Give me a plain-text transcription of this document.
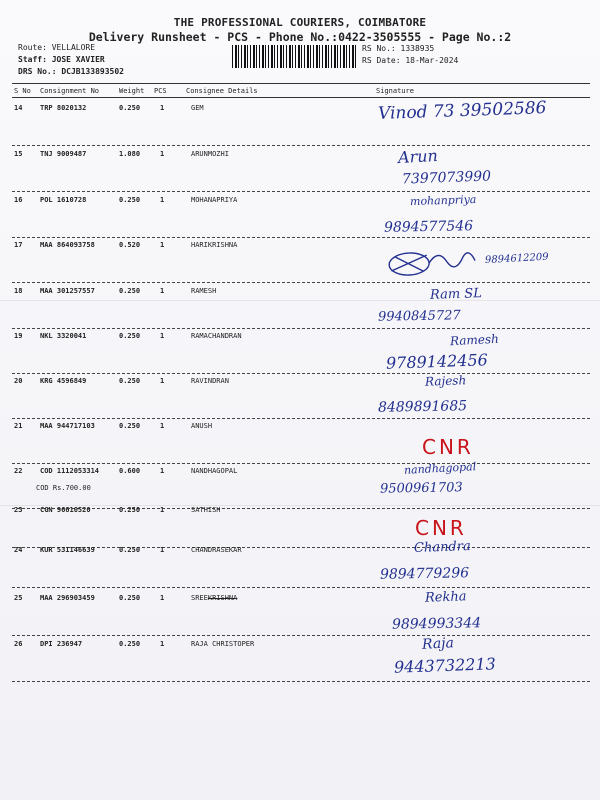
THE PROFESSIONAL COURIERS, COIMBATORE
Delivery Runsheet - PCS - Phone No.:0422-3505555 - Page No.:2
Route: VELLALORE
Staff: JOSE XAVIER
DRS No.: DCJB133893502
RS No.: 1338935
RS Date: 18-Mar-2024
S No Consignment No	Weight PCS	Consignee Details	Signature
14	TRP 8020132	0.250	1	GEM	Vinod 73 39502586
15	TNJ 9009487	1.080	1	ARUNMOZHI	Arun
7397073990
16	POL 1610728	0.250	1	MOHANAPRIYA	mohanpriya
9894577546
17	MAA 864093758	0.520	1	HARIKRISHNA
9894612209
18	MAA 301257557	0.250	1	RAMESH	Ram SL
9940845727
19	NKL 3320041	0.250	1	RAMACHANDRAN	Ramesh
9789142456
20	KRG 4596849	0.250	1	RAVINDRAN	Rajesh
8489891685
21	MAA 944717103	0.250	1	ANUSH
CNR
22	COD 1112053314	0.600	1	NANDHAGOPAL
COD Rs.700.00
nandhagopal
9500961703
23	CGN 96610520	0.250	1	SATHISH
CNR
24	KUR 531146639	0.250	1	CHANDRASEKAR	Chandra
9894779296
25	MAA 296903459	0.250	1	SREEKRISHNA	Rekha
9894993344
26	DPI 236947	0.250	1	RAJA CHRISTOPER	Raja
9443732213
